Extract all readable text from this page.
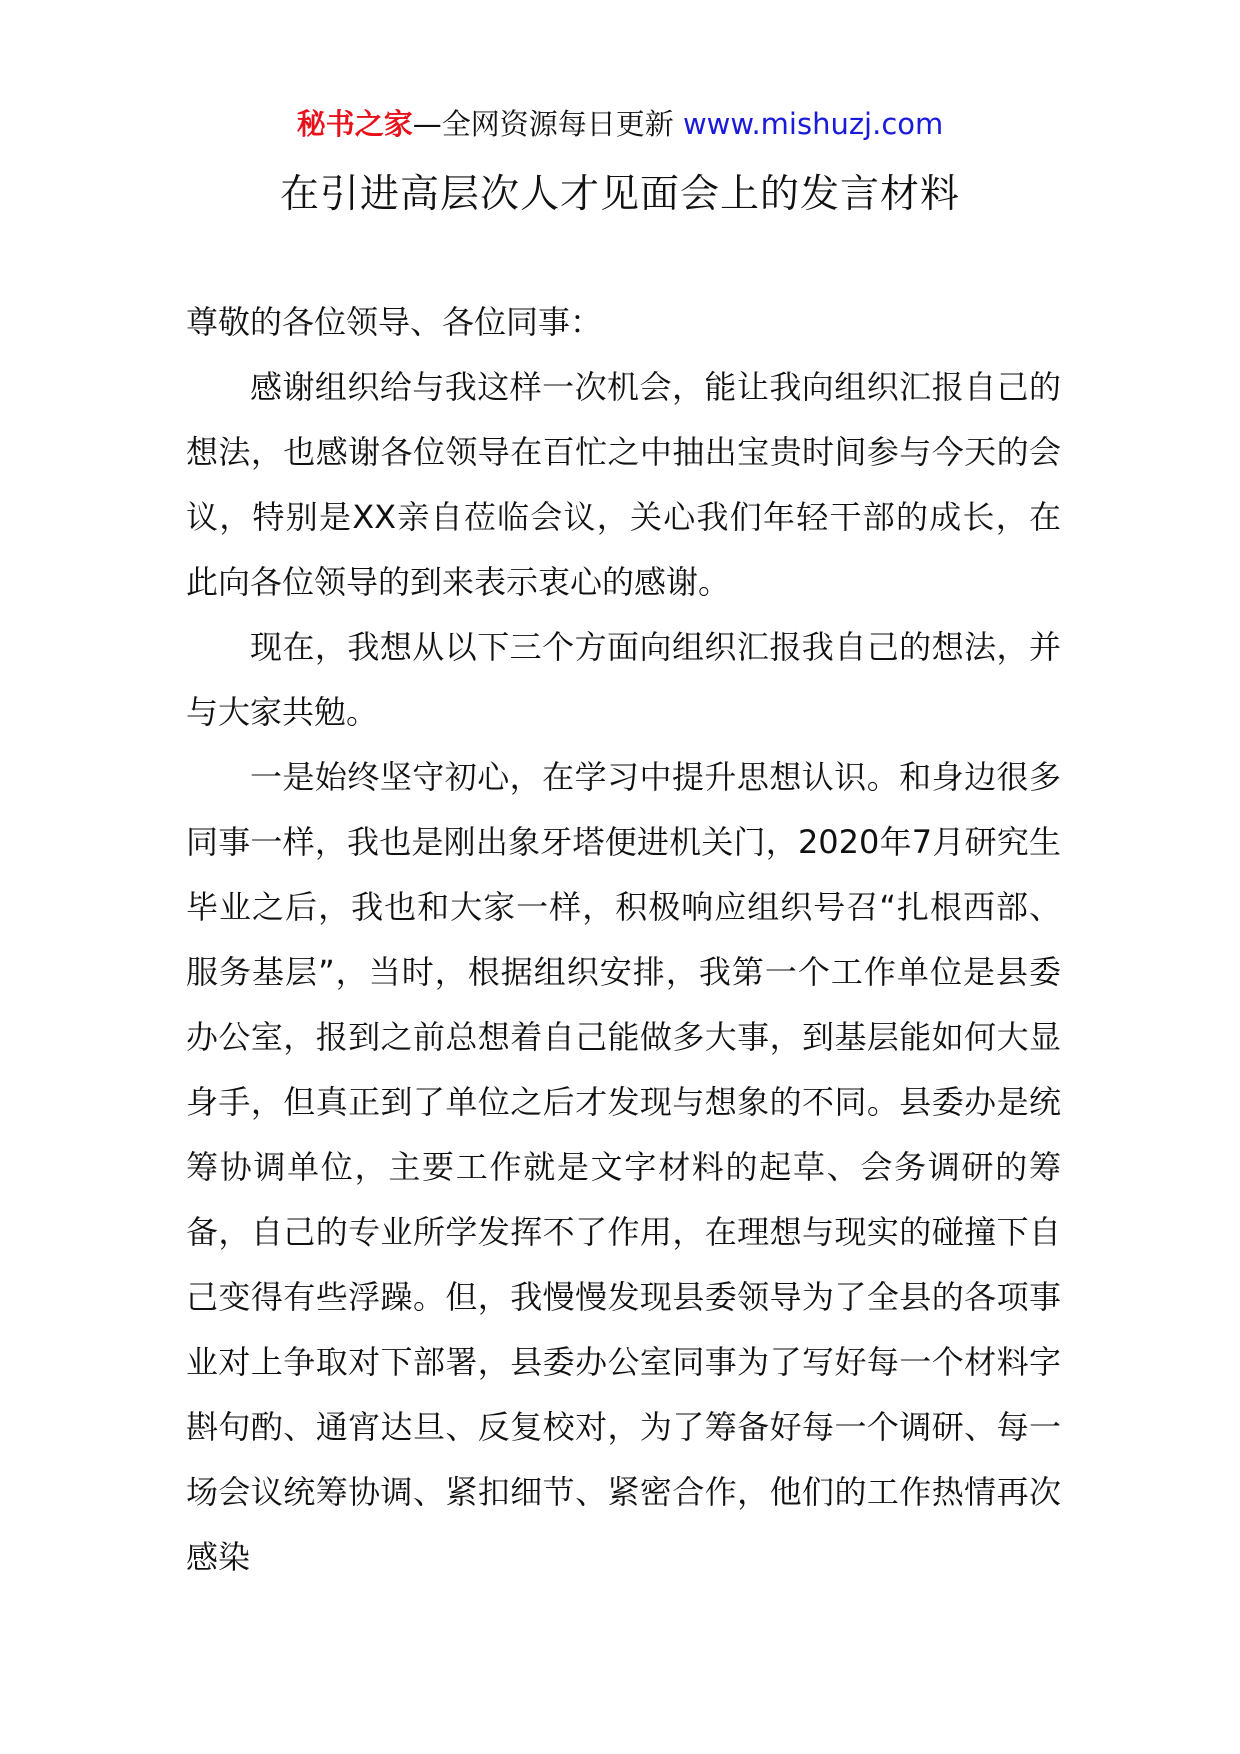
秘书之家—全网资源每日更新 www.mishuzj.com
在引进高层次人才见面会上的发言材料

尊敬的各位领导、各位同事：

感谢组织给与我这样一次机会，能让我向组织汇报自己的想法，也感谢各位领导在百忙之中抽出宝贵时间参与今天的会议，特别是XX亲自莅临会议，关心我们年轻干部的成长，在此向各位领导的到来表示衷心的感谢。

现在，我想从以下三个方面向组织汇报我自己的想法，并与大家共勉。

一是始终坚守初心，在学习中提升思想认识。和身边很多同事一样，我也是刚出象牙塔便进机关门，2020年7月研究生毕业之后，我也和大家一样，积极响应组织号召“扎根西部、服务基层”，当时，根据组织安排，我第一个工作单位是县委办公室，报到之前总想着自己能做多大事，到基层能如何大显身手，但真正到了单位之后才发现与想象的不同。县委办是统筹协调单位，主要工作就是文字材料的起草、会务调研的筹备，自己的专业所学发挥不了作用，在理想与现实的碰撞下自己变得有些浮躁。但，我慢慢发现县委领导为了全县的各项事业对上争取对下部署，县委办公室同事为了写好每一个材料字斟句酌、通宵达旦、反复校对，为了筹备好每一个调研、每一场会议统筹协调、紧扣细节、紧密合作，他们的工作热情再次感染
